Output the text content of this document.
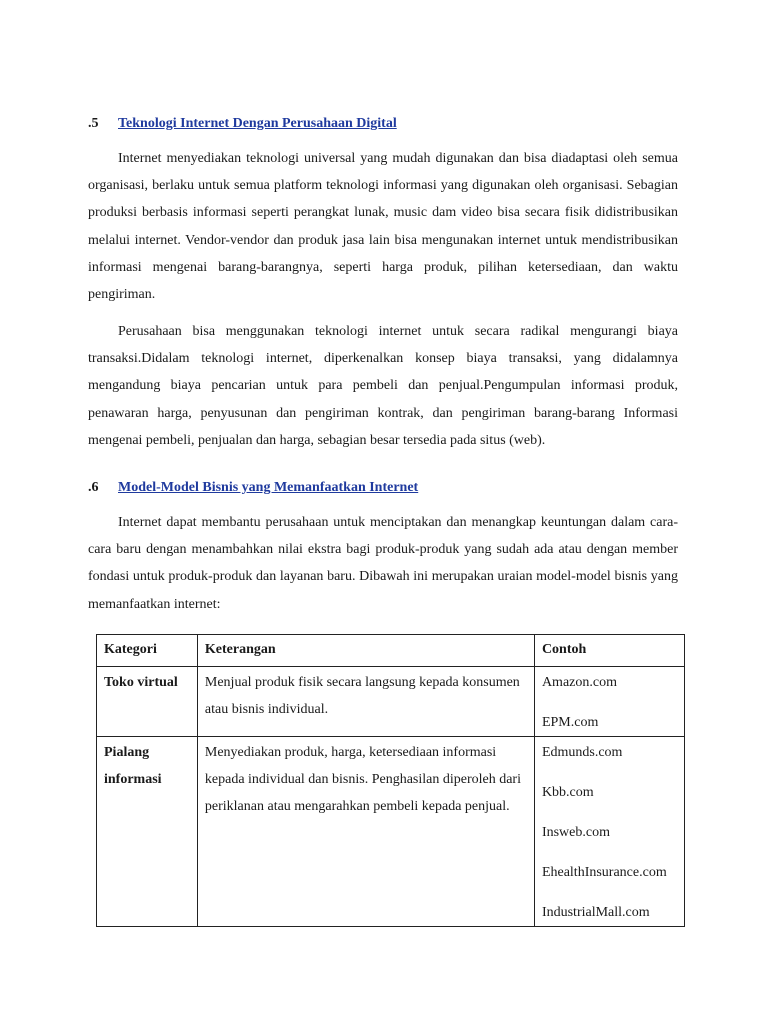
.5 Teknologi Internet Dengan Perusahaan Digital

Internet menyediakan teknologi universal yang mudah digunakan dan bisa diadaptasi oleh semua organisasi, berlaku untuk semua platform teknologi informasi yang digunakan oleh organisasi. Sebagian produksi berbasis informasi seperti perangkat lunak, music dam video bisa secara fisik didistribusikan melalui internet. Vendor-vendor dan produk jasa lain bisa mengunakan internet untuk mendistribusikan informasi mengenai barang-barangnya, seperti harga produk, pilihan ketersediaan, dan waktu pengiriman.

Perusahaan bisa menggunakan teknologi internet untuk secara radikal mengurangi biaya transaksi.Didalam teknologi internet, diperkenalkan konsep biaya transaksi, yang didalamnya mengandung biaya pencarian untuk para pembeli dan penjual.Pengumpulan informasi produk, penawaran harga, penyusunan dan pengiriman kontrak, dan pengiriman barang-barang Informasi mengenai pembeli, penjualan dan harga, sebagian besar tersedia pada situs (web).

.6 Model-Model Bisnis yang Memanfaatkan Internet

Internet dapat membantu perusahaan untuk menciptakan dan menangkap keuntungan dalam cara-cara baru dengan menambahkan nilai ekstra bagi produk-produk yang sudah ada atau dengan member fondasi untuk produk-produk dan layanan baru. Dibawah ini merupakan uraian model-model bisnis yang memanfaatkan internet:

Kategori	Keterangan	Contoh
Toko virtual	Menjual produk fisik secara langsung kepada konsumen atau bisnis individual.	Amazon.com
EPM.com

Pialang informasi	Menyediakan produk, harga, ketersediaan informasi kepada individual dan bisnis. Penghasilan diperoleh dari periklanan atau mengarahkan pembeli kepada penjual.	Edmunds.com
Kbb.com
Insweb.com
EhealthInsurance.com
IndustrialMall.com
